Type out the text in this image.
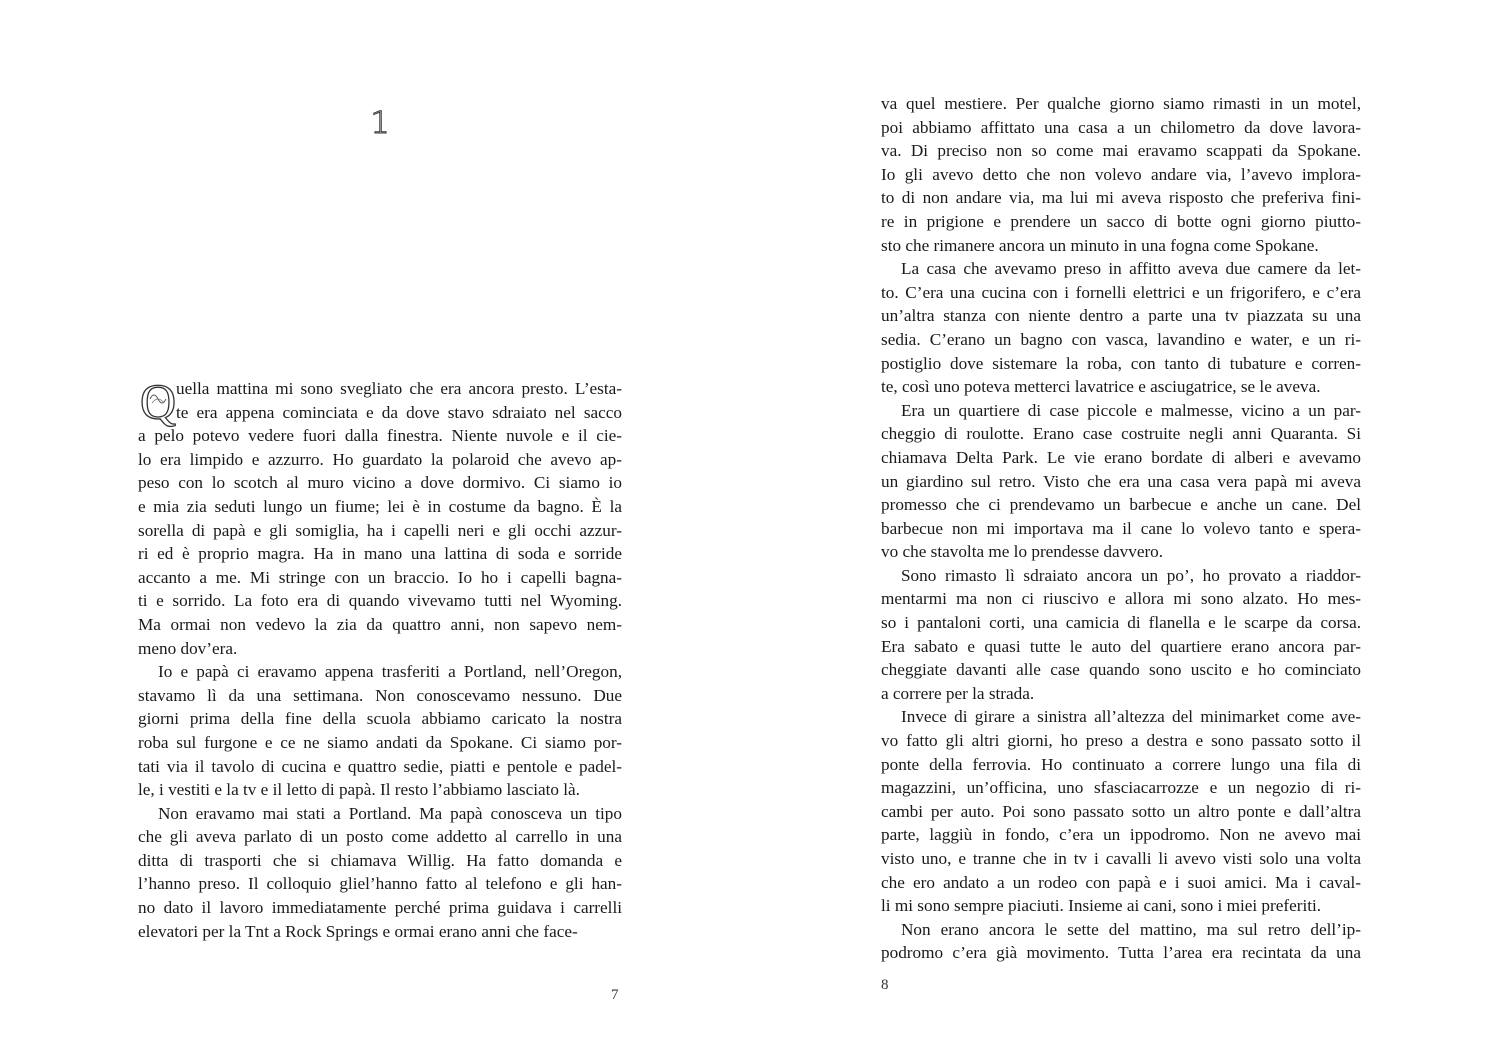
1
Q uella mattina mi sono svegliato che era ancora presto. L’esta-
te era appena cominciata e da dove stavo sdraiato nel sacco
a pelo potevo vedere fuori dalla finestra. Niente nuvole e il cie-
lo era limpido e azzurro. Ho guardato la polaroid che avevo ap-
peso con lo scotch al muro vicino a dove dormivo. Ci siamo io
e mia zia seduti lungo un fiume; lei è in costume da bagno. È la
sorella di papà e gli somiglia, ha i capelli neri e gli occhi azzur-
ri ed è proprio magra. Ha in mano una lattina di soda e sorride
accanto a me. Mi stringe con un braccio. Io ho i capelli bagna-
ti e sorrido. La foto era di quando vivevamo tutti nel Wyoming.
Ma ormai non vedevo la zia da quattro anni, non sapevo nem-
meno dov’era.
Io e papà ci eravamo appena trasferiti a Portland, nell’Oregon,
stavamo lì da una settimana. Non conoscevamo nessuno. Due
giorni prima della fine della scuola abbiamo caricato la nostra
roba sul furgone e ce ne siamo andati da Spokane. Ci siamo por-
tati via il tavolo di cucina e quattro sedie, piatti e pentole e padel-
le, i vestiti e la tv e il letto di papà. Il resto l’abbiamo lasciato là.
Non eravamo mai stati a Portland. Ma papà conosceva un tipo
che gli aveva parlato di un posto come addetto al carrello in una
ditta di trasporti che si chiamava Willig. Ha fatto domanda e
l’hanno preso. Il colloquio gliel’hanno fatto al telefono e gli han-
no dato il lavoro immediatamente perché prima guidava i carrelli
elevatori per la Tnt a Rock Springs e ormai erano anni che face-
7
va quel mestiere. Per qualche giorno siamo rimasti in un motel,
poi abbiamo affittato una casa a un chilometro da dove lavora-
va. Di preciso non so come mai eravamo scappati da Spokane.
Io gli avevo detto che non volevo andare via, l’avevo implora-
to di non andare via, ma lui mi aveva risposto che preferiva fini-
re in prigione e prendere un sacco di botte ogni giorno piutto-
sto che rimanere ancora un minuto in una fogna come Spokane.
La casa che avevamo preso in affitto aveva due camere da let-
to. C’era una cucina con i fornelli elettrici e un frigorifero, e c’era
un’altra stanza con niente dentro a parte una tv piazzata su una
sedia. C’erano un bagno con vasca, lavandino e water, e un ri-
postiglio dove sistemare la roba, con tanto di tubature e corren-
te, così uno poteva metterci lavatrice e asciugatrice, se le aveva.
Era un quartiere di case piccole e malmesse, vicino a un par-
cheggio di roulotte. Erano case costruite negli anni Quaranta. Si
chiamava Delta Park. Le vie erano bordate di alberi e avevamo
un giardino sul retro. Visto che era una casa vera papà mi aveva
promesso che ci prendevamo un barbecue e anche un cane. Del
barbecue non mi importava ma il cane lo volevo tanto e spera-
vo che stavolta me lo prendesse davvero.
Sono rimasto lì sdraiato ancora un po’, ho provato a riaddor-
mentarmi ma non ci riuscivo e allora mi sono alzato. Ho mes-
so i pantaloni corti, una camicia di flanella e le scarpe da corsa.
Era sabato e quasi tutte le auto del quartiere erano ancora par-
cheggiate davanti alle case quando sono uscito e ho cominciato
a correre per la strada.
Invece di girare a sinistra all’altezza del minimarket come ave-
vo fatto gli altri giorni, ho preso a destra e sono passato sotto il
ponte della ferrovia. Ho continuato a correre lungo una fila di
magazzini, un’officina, uno sfasciacarrozze e un negozio di ri-
cambi per auto. Poi sono passato sotto un altro ponte e dall’altra
parte, laggiù in fondo, c’era un ippodromo. Non ne avevo mai
visto uno, e tranne che in tv i cavalli li avevo visti solo una volta
che ero andato a un rodeo con papà e i suoi amici. Ma i caval-
li mi sono sempre piaciuti. Insieme ai cani, sono i miei preferiti.
Non erano ancora le sette del mattino, ma sul retro dell’ip-
podromo c’era già movimento. Tutta l’area era recintata da una
8
